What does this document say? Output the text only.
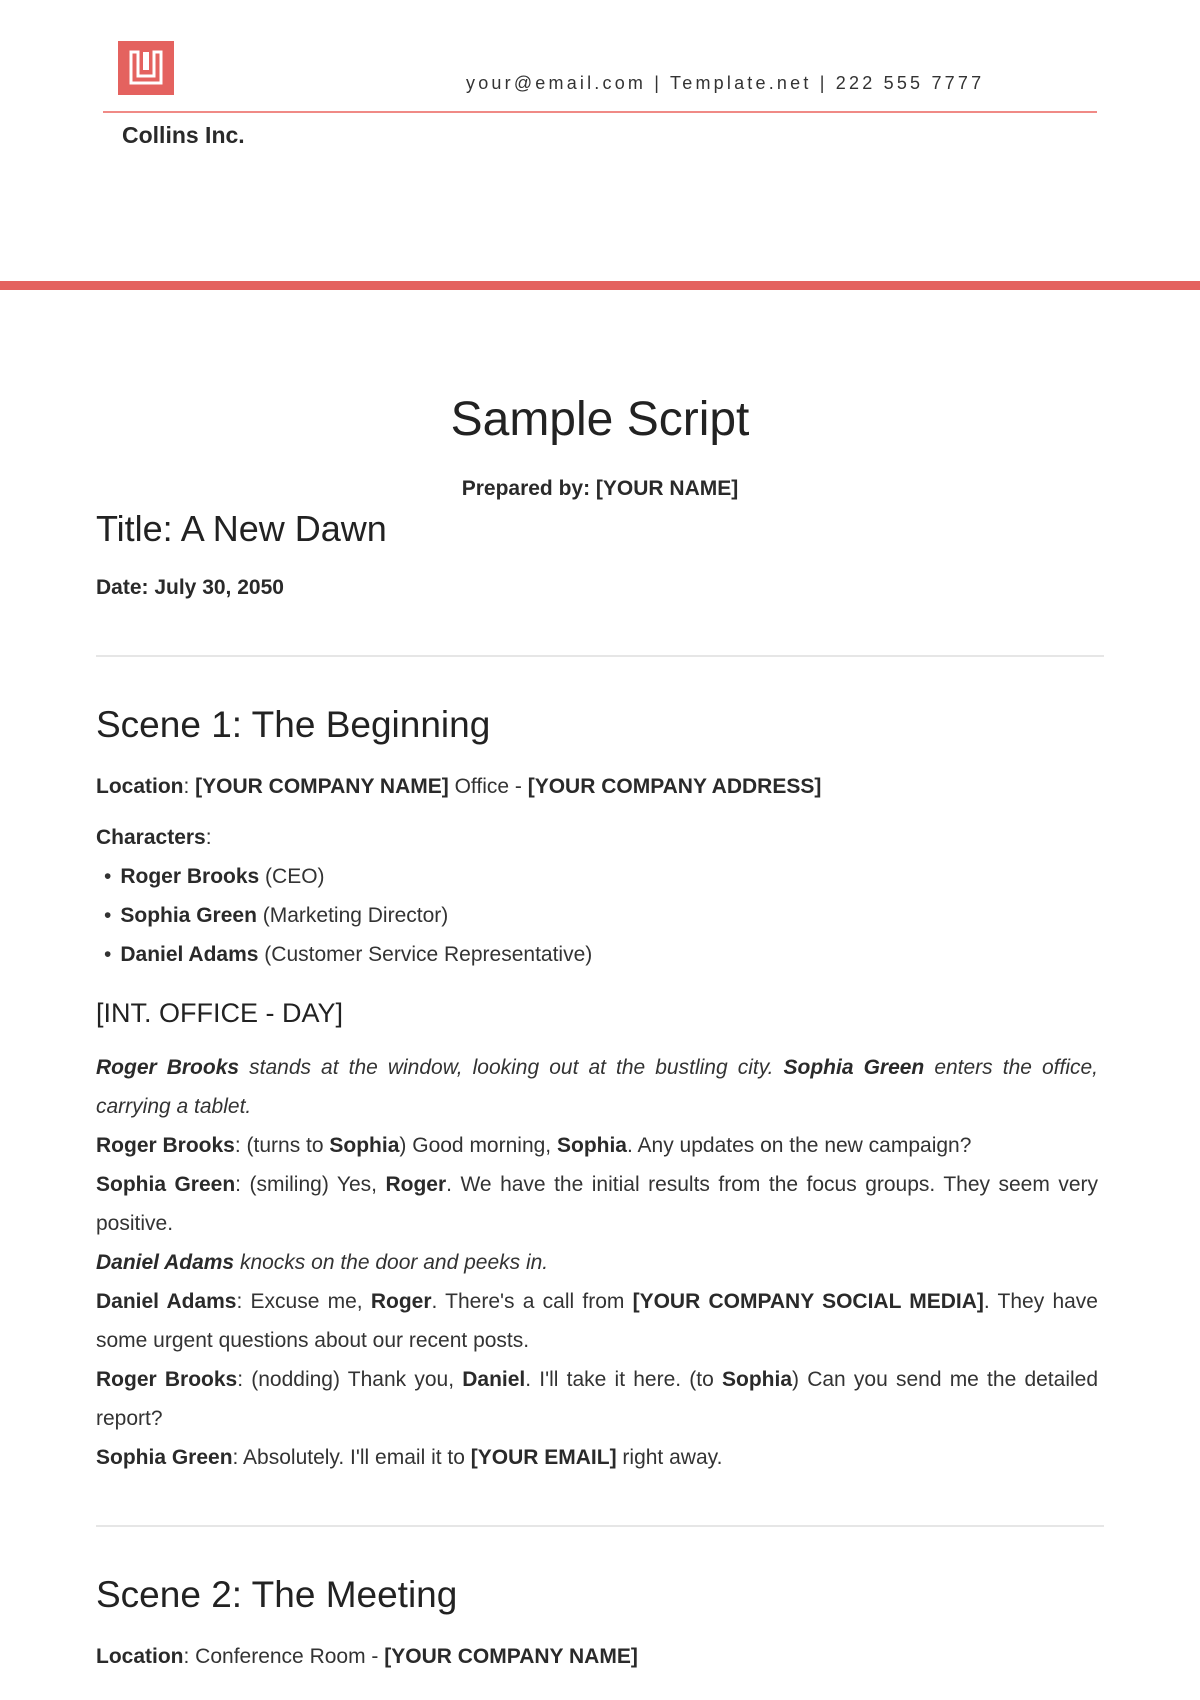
your@email.com | Template.net | 222 555 7777
Collins Inc.
Sample Script
Prepared by: [YOUR NAME]
Title: A New Dawn
Date: July 30, 2050
Scene 1: The Beginning
Location: [YOUR COMPANY NAME] Office - [YOUR COMPANY ADDRESS]
Characters:
• Roger Brooks (CEO)
• Sophia Green (Marketing Director)
• Daniel Adams (Customer Service Representative)
[INT. OFFICE - DAY]

Roger Brooks stands at the window, looking out at the bustling city. Sophia Green enters the office, carrying a tablet.

Roger Brooks: (turns to Sophia) Good morning, Sophia. Any updates on the new campaign?

Sophia Green: (smiling) Yes, Roger. We have the initial results from the focus groups. They seem very positive.

Daniel Adams knocks on the door and peeks in.

Daniel Adams: Excuse me, Roger. There's a call from [YOUR COMPANY SOCIAL MEDIA]. They have some urgent questions about our recent posts.

Roger Brooks: (nodding) Thank you, Daniel. I'll take it here. (to Sophia) Can you send me the detailed report?

Sophia Green: Absolutely. I'll email it to [YOUR EMAIL] right away.

Scene 2: The Meeting
Location: Conference Room - [YOUR COMPANY NAME]
